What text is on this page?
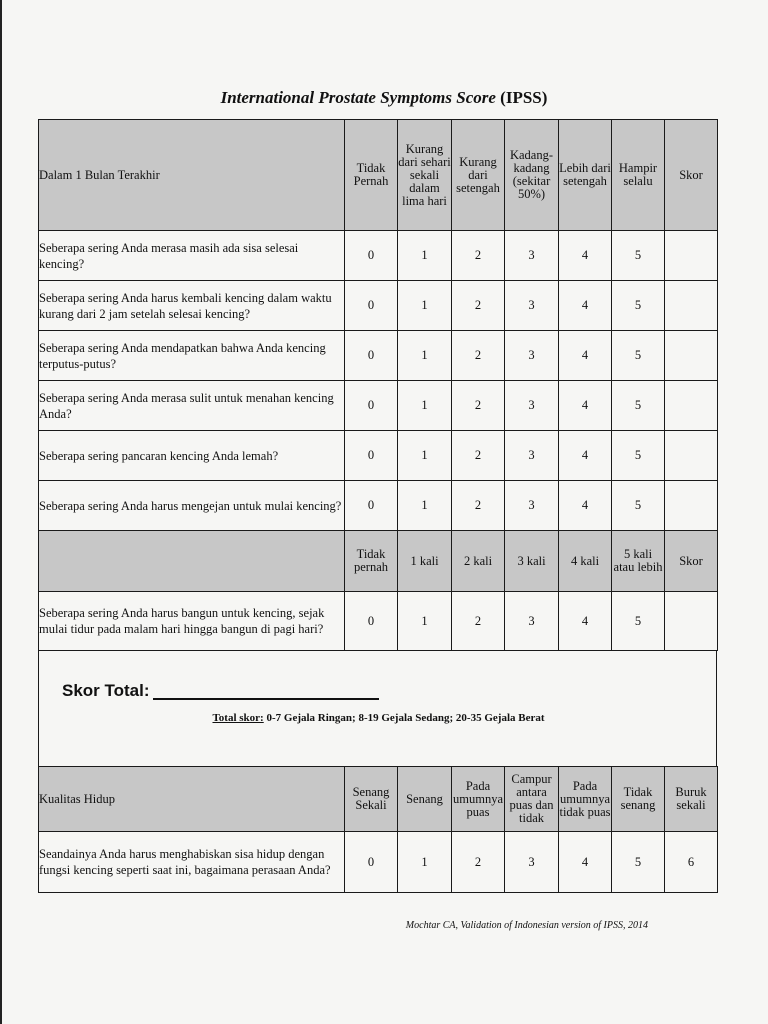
International Prostate Symptoms Score (IPSS)
Dalam 1 Bulan Terakhir	Tidak Pernah	Kurang dari sehari sekali dalam lima hari	Kurang dari setengah	Kadang-kadang (sekitar 50%)	Lebih dari setengah	Hampir selalu	Skor
Seberapa sering Anda merasa masih ada sisa selesai kencing?	0	1	2	3	4	5	
Seberapa sering Anda harus kembali kencing dalam waktu kurang dari 2 jam setelah selesai kencing?	0	1	2	3	4	5	
Seberapa sering Anda mendapatkan bahwa Anda kencing terputus-putus?	0	1	2	3	4	5	
Seberapa sering Anda merasa sulit untuk menahan kencing Anda?	0	1	2	3	4	5	
Seberapa sering pancaran kencing Anda lemah?	0	1	2	3	4	5	
Seberapa sering Anda harus mengejan untuk mulai kencing?	0	1	2	3	4	5	
	Tidak pernah	1 kali	2 kali	3 kali	4 kali	5 kali atau lebih	Skor
Seberapa sering Anda harus bangun untuk kencing, sejak mulai tidur pada malam hari hingga bangun di pagi hari?	0	1	2	3	4	5	
Skor Total:
Total skor: 0-7 Gejala Ringan; 8-19 Gejala Sedang; 20-35 Gejala Berat
Kualitas Hidup	Senang Sekali	Senang	Pada umumnya puas	Campur antara puas dan tidak	Pada umumnya tidak puas	Tidak senang	Buruk sekali
Seandainya Anda harus menghabiskan sisa hidup dengan fungsi kencing seperti saat ini, bagaimana perasaan Anda?	0	1	2	3	4	5	6
Mochtar CA, Validation of Indonesian version of IPSS, 2014
